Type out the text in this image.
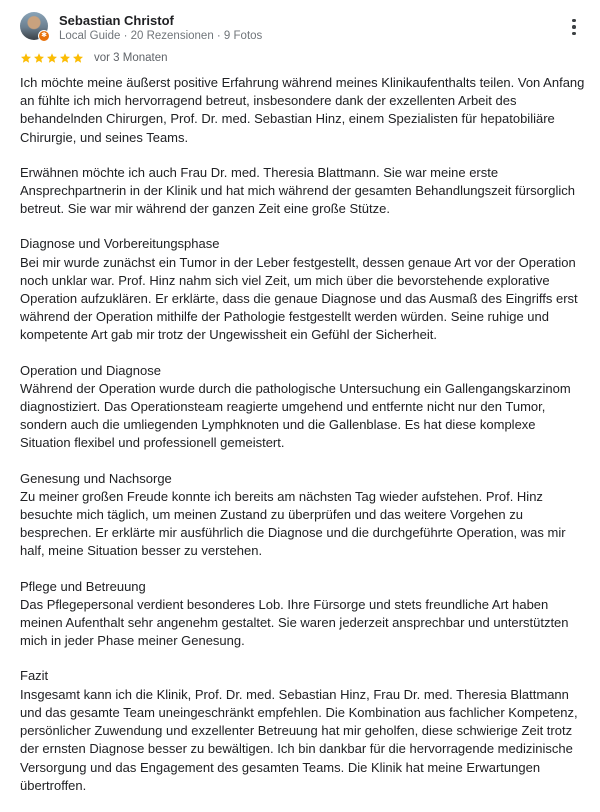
✱
Sebastian Christof
Local Guide · 20 Rezensionen · 9 Fotos
vor 3 Monaten

Ich möchte meine äußerst positive Erfahrung während meines Klinikaufenthalts teilen. Von Anfang an fühlte ich mich hervorragend betreut, insbesondere dank der exzellenten Arbeit des behandelnden Chirurgen, Prof. Dr. med. Sebastian Hinz, einem Spezialisten für hepatobiliäre Chirurgie, und seines Teams.

Erwähnen möchte ich auch Frau Dr. med. Theresia Blattmann. Sie war meine erste Ansprechpartnerin in der Klinik und hat mich während der gesamten Behandlungszeit fürsorglich betreut. Sie war mir während der ganzen Zeit eine große Stütze.

Diagnose und Vorbereitungsphase
Bei mir wurde zunächst ein Tumor in der Leber festgestellt, dessen genaue Art vor der Operation noch unklar war. Prof. Hinz nahm sich viel Zeit, um mich über die bevorstehende explorative Operation aufzuklären. Er erklärte, dass die genaue Diagnose und das Ausmaß des Eingriffs erst während der Operation mithilfe der Pathologie festgestellt werden würden. Seine ruhige und kompetente Art gab mir trotz der Ungewissheit ein Gefühl der Sicherheit.

Operation und Diagnose
Während der Operation wurde durch die pathologische Untersuchung ein Gallengangskarzinom diagnostiziert. Das Operationsteam reagierte umgehend und entfernte nicht nur den Tumor, sondern auch die umliegenden Lymphknoten und die Gallenblase. Es hat diese komplexe Situation flexibel und professionell gemeistert.

Genesung und Nachsorge
Zu meiner großen Freude konnte ich bereits am nächsten Tag wieder aufstehen. Prof. Hinz besuchte mich täglich, um meinen Zustand zu überprüfen und das weitere Vorgehen zu besprechen. Er erklärte mir ausführlich die Diagnose und die durchgeführte Operation, was mir half, meine Situation besser zu verstehen.

Pflege und Betreuung
Das Pflegepersonal verdient besonderes Lob. Ihre Fürsorge und stets freundliche Art haben meinen Aufenthalt sehr angenehm gestaltet. Sie waren jederzeit ansprechbar und unterstützten mich in jeder Phase meiner Genesung.

Fazit
Insgesamt kann ich die Klinik, Prof. Dr. med. Sebastian Hinz, Frau Dr. med. Theresia Blattmann und das gesamte Team uneingeschränkt empfehlen. Die Kombination aus fachlicher Kompetenz, persönlicher Zuwendung und exzellenter Betreuung hat mir geholfen, diese schwierige Zeit trotz der ernsten Diagnose besser zu bewältigen. Ich bin dankbar für die hervorragende medizinische Versorgung und das Engagement des gesamten Teams. Die Klinik hat meine Erwartungen übertroffen.
